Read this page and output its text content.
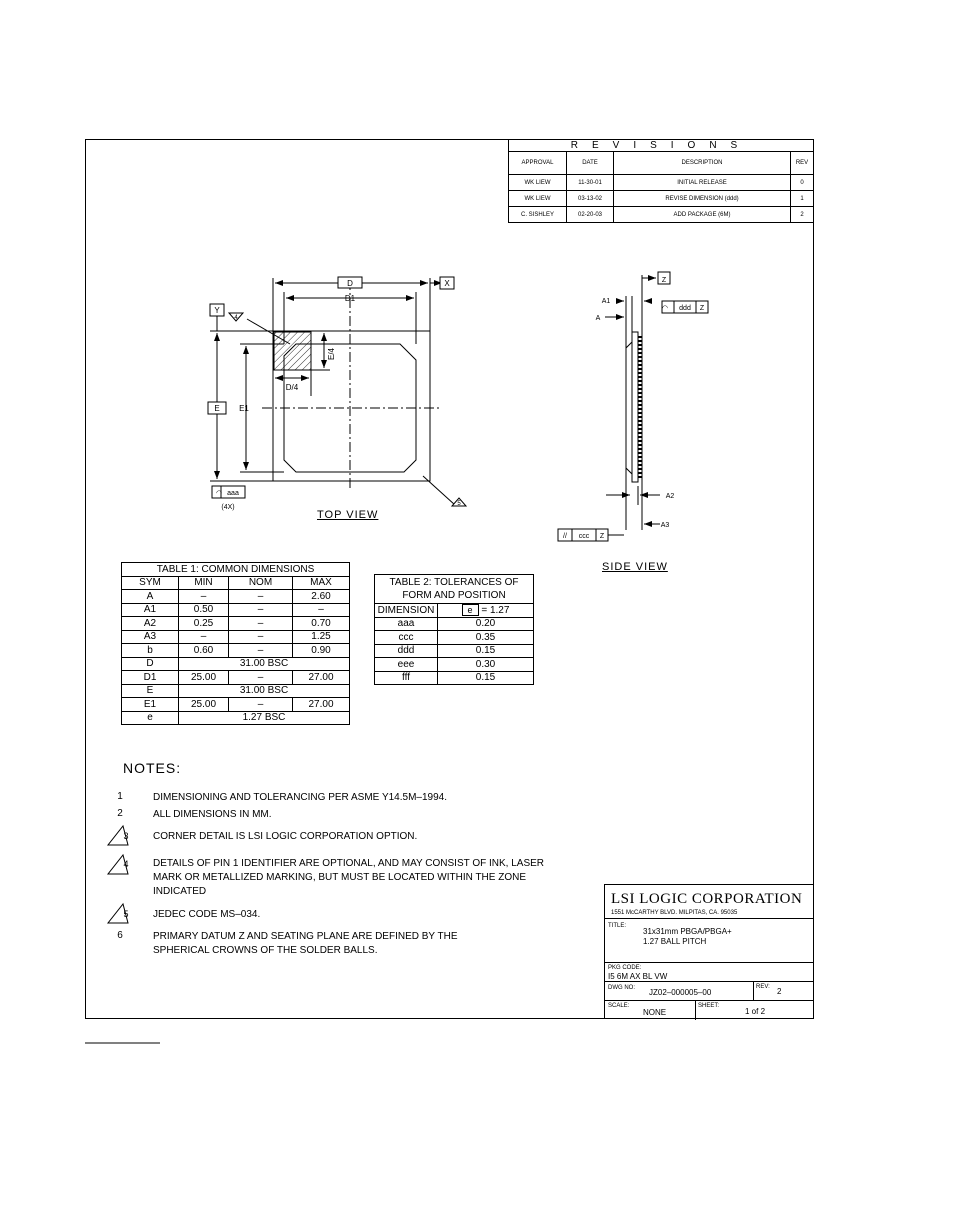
REVISIONS			
APPROVAL	DATE	DESCRIPTION	REV
WK LIEW	11-30-01	INITIAL RELEASE	0
WK LIEW	03-13-02	REVISE DIMENSION (ddd)	1
C. SISHLEY	02-20-03	ADD PACKAGE (6M)	2
D
D1
X
Y
E E1
E/4
D/4
4
5
aaa
(4X)
◠
Z
A1
A
A2
A3
ddd Z
◠
// ccc Z
TOP VIEW
SIDE VIEW
TABLE 1: COMMON DIMENSIONS			
SYM	MIN	NOM	MAX
A	–	–	2.60
A1	0.50	–	–
A2	0.25	–	0.70
A3	–	–	1.25
b	0.60	–	0.90
D	31.00 BSC		
D1	25.00	–	27.00
E	31.00 BSC		
E1	25.00	–	27.00
e	1.27 BSC		
TABLE 2: TOLERANCES OF
FORM AND POSITION	
DIMENSION	e = 1.27
aaa	0.20
ccc	0.35
ddd	0.15
eee	0.30
fff	0.15
NOTES:
1	DIMENSIONING AND TOLERANCING PER ASME Y14.5M–1994.
2	ALL DIMENSIONS IN MM.
3	CORNER DETAIL IS LSI LOGIC CORPORATION OPTION.
4	DETAILS OF PIN 1 IDENTIFIER ARE OPTIONAL, AND MAY CONSIST OF INK, LASER MARK OR METALLIZED MARKING, BUT MUST BE LOCATED WITHIN THE ZONE INDICATED
5	JEDEC CODE MS–034.
6	PRIMARY DATUM Z AND SEATING PLANE ARE DEFINED BY THE SPHERICAL CROWNS OF THE SOLDER BALLS.
LSI LOGIC CORPORATION
1551 McCARTHY BLVD. MILPITAS, CA. 95035
TITLE:
31x31mm PBGA/PBGA+
1.27 BALL PITCH
PKG CODE:
I5 6M AX BL VW
DWG NO: JZ02–000005–00
REV: 2
SCALE:
NONE
SHEET:
1 of 2
